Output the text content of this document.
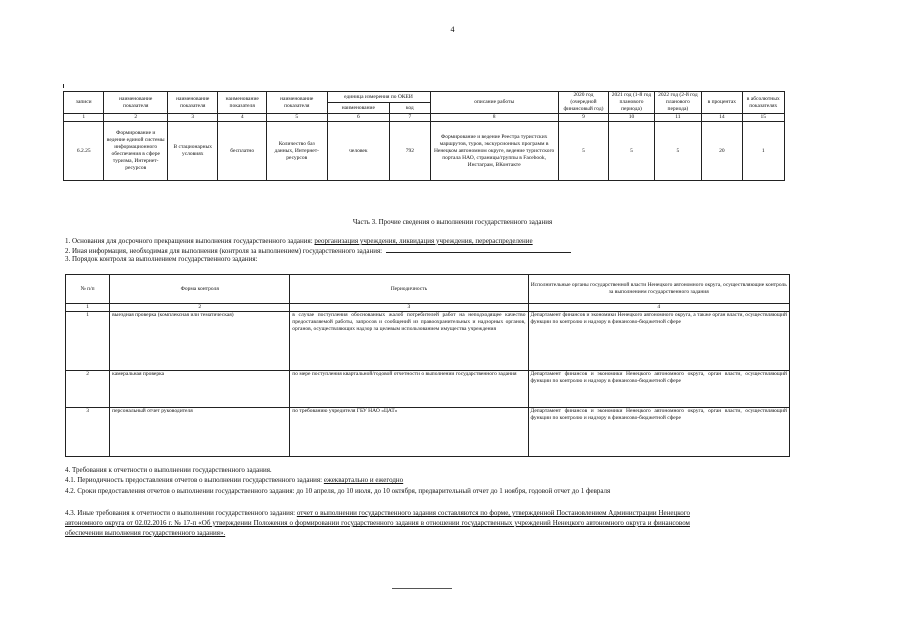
4
записи	наименование показателя	наименование показателя	наименование показателя	наименование показателя	единица измерения по ОКЕИ		описание работы	2020 год (очередной финансовый год)	2021 год (1-й год планового периода)	2022 год (2-й год планового периода)	в процентах	в абсолютных показателях
					наименование	код						
1	2	3	4	5	6	7	8	9	10	11	14	15
6.2.25	Формирование и ведение единой системы информационного обеспечения в сфере туризма, Интернет-ресурсов	В стационарных условиях	бесплатно	Количество баз данных, Интернет-ресурсов	человек	792	Формирование и ведение Реестра туристских маршрутов, туров, экскурсионных программ в Ненецком автономном округе, ведение туристского портала НАО, страницы/группы в Facebook, Инстаграм, ВКонтакте	5	5	5	20	1
Часть 3. Прочие сведения о выполнении государственного задания
1. Основания для досрочного прекращения выполнения государственного задания: реорганизация учреждения, ликвидация учреждения, перераспределение
2. Иная информация, необходимая для выполнения (контроля за выполнением) государственного задания:
3. Порядок контроля за выполнением государственного задания:
№ п/п	Форма контроля	Периодичность	Исполнительные органы государственной власти Ненецкого автономного округа, осуществляющие контроль за выполнением государственного задания
1	2	3	4
1	выездная проверка (комплексная или тематическая)	в случае поступления обоснованных жалоб потребителей работ на неподходящее качество предоставляемой работы, запросов и сообщений из правоохранительных и надзорных органов, органов, осуществляющих надзор за целевым использованием имущества учреждения	Департамент финансов и экономики Ненецкого автономного округа, а также орган власти, осуществляющий функции по контролю и надзору в финансово-бюджетной сфере
2	камеральная проверка	по мере поступления квартальной/годовой отчетности о выполнении государственного задания	Департамент финансов и экономики Ненецкого автономного округа, орган власти, осуществляющий функции по контролю и надзору в финансово-бюджетной сфере
3	персональный отчет руководителя	по требованию учредителя ГБУ НАО «ЦАТ»	Департамент финансов и экономики Ненецкого автономного округа, орган власти, осуществляющий функции по контролю и надзору в финансово-бюджетной сфере
4. Требования к отчетности о выполнении государственного задания.
4.1. Периодичность предоставления отчетов о выполнении государственного задания: ежеквартально и ежегодно
4.2. Сроки предоставления отчетов о выполнении государственного задания: до 10 апреля, до 10 июля, до 10 октября, предварительный отчет до 1 ноября, годовой отчет до 1 февраля
4.3. Иные требования к отчетности о выполнении государственного задания: отчет о выполнении государственного задания составляются по форме, утвержденной Постановлением Администрации Ненецкого автономного округа от 02.02.2016 г. № 17-п «Об утверждении Положения о формировании государственного задания в отношении государственных учреждений Ненецкого автономного округа и финансовом обеспечении выполнения государственного задания».
